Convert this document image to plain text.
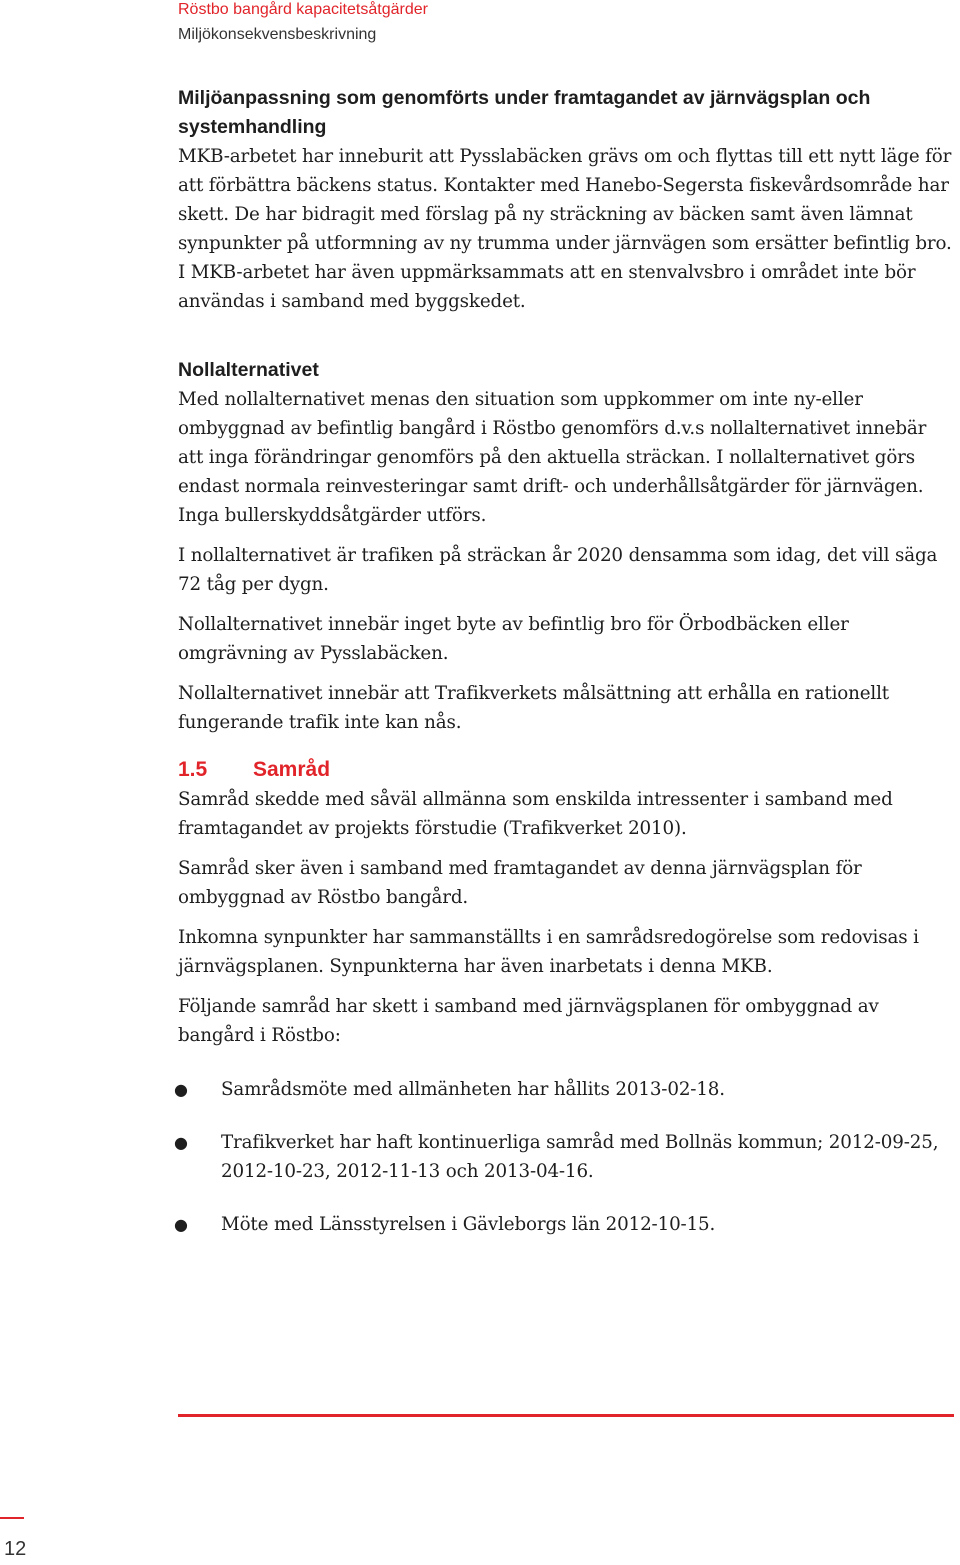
Röstbo bangård kapacitetsåtgärder
Miljökonsekvensbeskrivning
Miljöanpassning som genomförts under framtagandet av järnvägsplan och systemhandling

MKB-arbetet har inneburit att Pysslabäcken grävs om och flyttas till ett nytt läge för att förbättra bäckens status. Kontakter med Hanebo-Segersta fiskevårdsområde har skett. De har bidragit med förslag på ny sträckning av bäcken samt även lämnat synpunkter på utformning av ny trumma under järnvägen som ersätter befintlig bro. I MKB-arbetet har även uppmärksammats att en stenvalvsbro i området inte bör användas i samband med byggskedet.

Nollalternativet

Med nollalternativet menas den situation som uppkommer om inte ny-eller ombyggnad av befintlig bangård i Röstbo genomförs d.v.s nollalternativet innebär att inga förändringar genomförs på den aktuella sträckan. I nollalternativet görs endast normala reinvesteringar samt drift- och underhållsåtgärder för järnvägen. Inga bullerskyddsåtgärder utförs.

I nollalternativet är trafiken på sträckan år 2020 densamma som idag, det vill säga 72 tåg per dygn.

Nollalternativet innebär inget byte av befintlig bro för Örbodbäcken eller omgrävning av Pysslabäcken.

Nollalternativet innebär att Trafikverkets målsättning att erhålla en rationellt fungerande trafik inte kan nås.

1.5 Samråd

Samråd skedde med såväl allmänna som enskilda intressenter i samband med framtagandet av projekts förstudie (Trafikverket 2010).

Samråd sker även i samband med framtagandet av denna järnvägsplan för ombyggnad av Röstbo bangård.

Inkomna synpunkter har sammanställts i en samrådsredogörelse som redovisas i järnvägsplanen. Synpunkterna har även inarbetats i denna MKB.

Följande samråd har skett i samband med järnvägsplanen för ombyggnad av bangård i Röstbo:

● Samrådsmöte med allmänheten har hållits 2013-02-18.
● Trafikverket har haft kontinuerliga samråd med Bollnäs kommun; 2012-09-25, 2012-10-23, 2012-11-13 och 2013-04-16.
● Möte med Länsstyrelsen i Gävleborgs län 2012-10-15.
12
